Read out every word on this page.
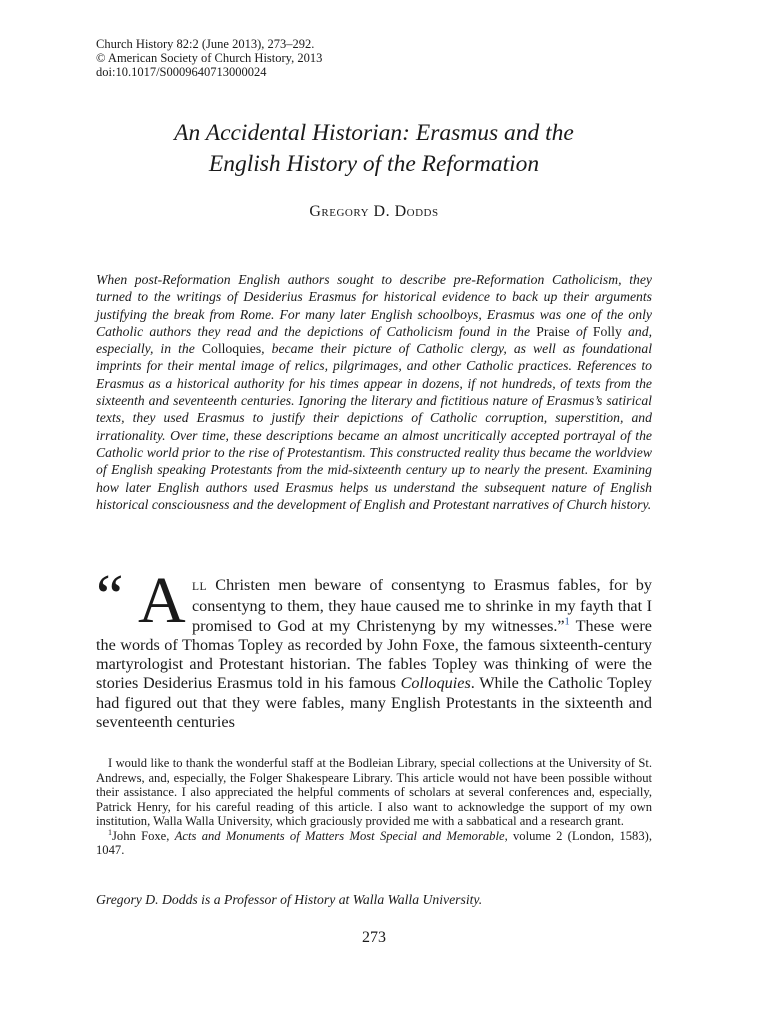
Church History 82:2 (June 2013), 273–292.
© American Society of Church History, 2013
doi:10.1017/S0009640713000024
An Accidental Historian: Erasmus and the
English History of the Reformation
Gregory D. Dodds
When post-Reformation English authors sought to describe pre-Reformation Catholicism, they turned to the writings of Desiderius Erasmus for historical evidence to back up their arguments justifying the break from Rome. For many later English schoolboys, Erasmus was one of the only Catholic authors they read and the depictions of Catholicism found in the Praise of Folly and, especially, in the Colloquies, became their picture of Catholic clergy, as well as foundational imprints for their mental image of relics, pilgrimages, and other Catholic practices. References to Erasmus as a historical authority for his times appear in dozens, if not hundreds, of texts from the sixteenth and seventeenth centuries. Ignoring the literary and fictitious nature of Erasmus’s satirical texts, they used Erasmus to justify their depictions of Catholic corruption, superstition, and irrationality. Over time, these descriptions became an almost uncritically accepted portrayal of the Catholic world prior to the rise of Protestantism. This constructed reality thus became the worldview of English speaking Protestants from the mid-sixteenth century up to nearly the present. Examining how later English authors used Erasmus helps us understand the subsequent nature of English historical consciousness and the development of English and Protestant narratives of Church history.
“ A LL Christen men beware of consentyng to Erasmus fables, for by consentyng to them, they haue caused me to shrinke in my fayth that I promised to God at my Christenyng by my witnesses.”$^1$ These were the words of Thomas Topley as recorded by John Foxe, the famous sixteenth-century martyrologist and Protestant historian. The fables Topley was thinking of were the stories Desiderius Erasmus told in his famous Colloquies. While the Catholic Topley had figured out that they were fables, many English Protestants in the sixteenth and seventeenth centuries

I would like to thank the wonderful staff at the Bodleian Library, special collections at the University of St. Andrews, and, especially, the Folger Shakespeare Library. This article would not have been possible without their assistance. I also appreciated the helpful comments of scholars at several conferences and, especially, Patrick Henry, for his careful reading of this article. I also want to acknowledge the support of my own institution, Walla Walla University, which graciously provided me with a sabbatical and a research grant.

$^1$John Foxe, Acts and Monuments of Matters Most Special and Memorable, volume 2 (London, 1583), 1047.

Gregory D. Dodds is a Professor of History at Walla Walla University.
273
